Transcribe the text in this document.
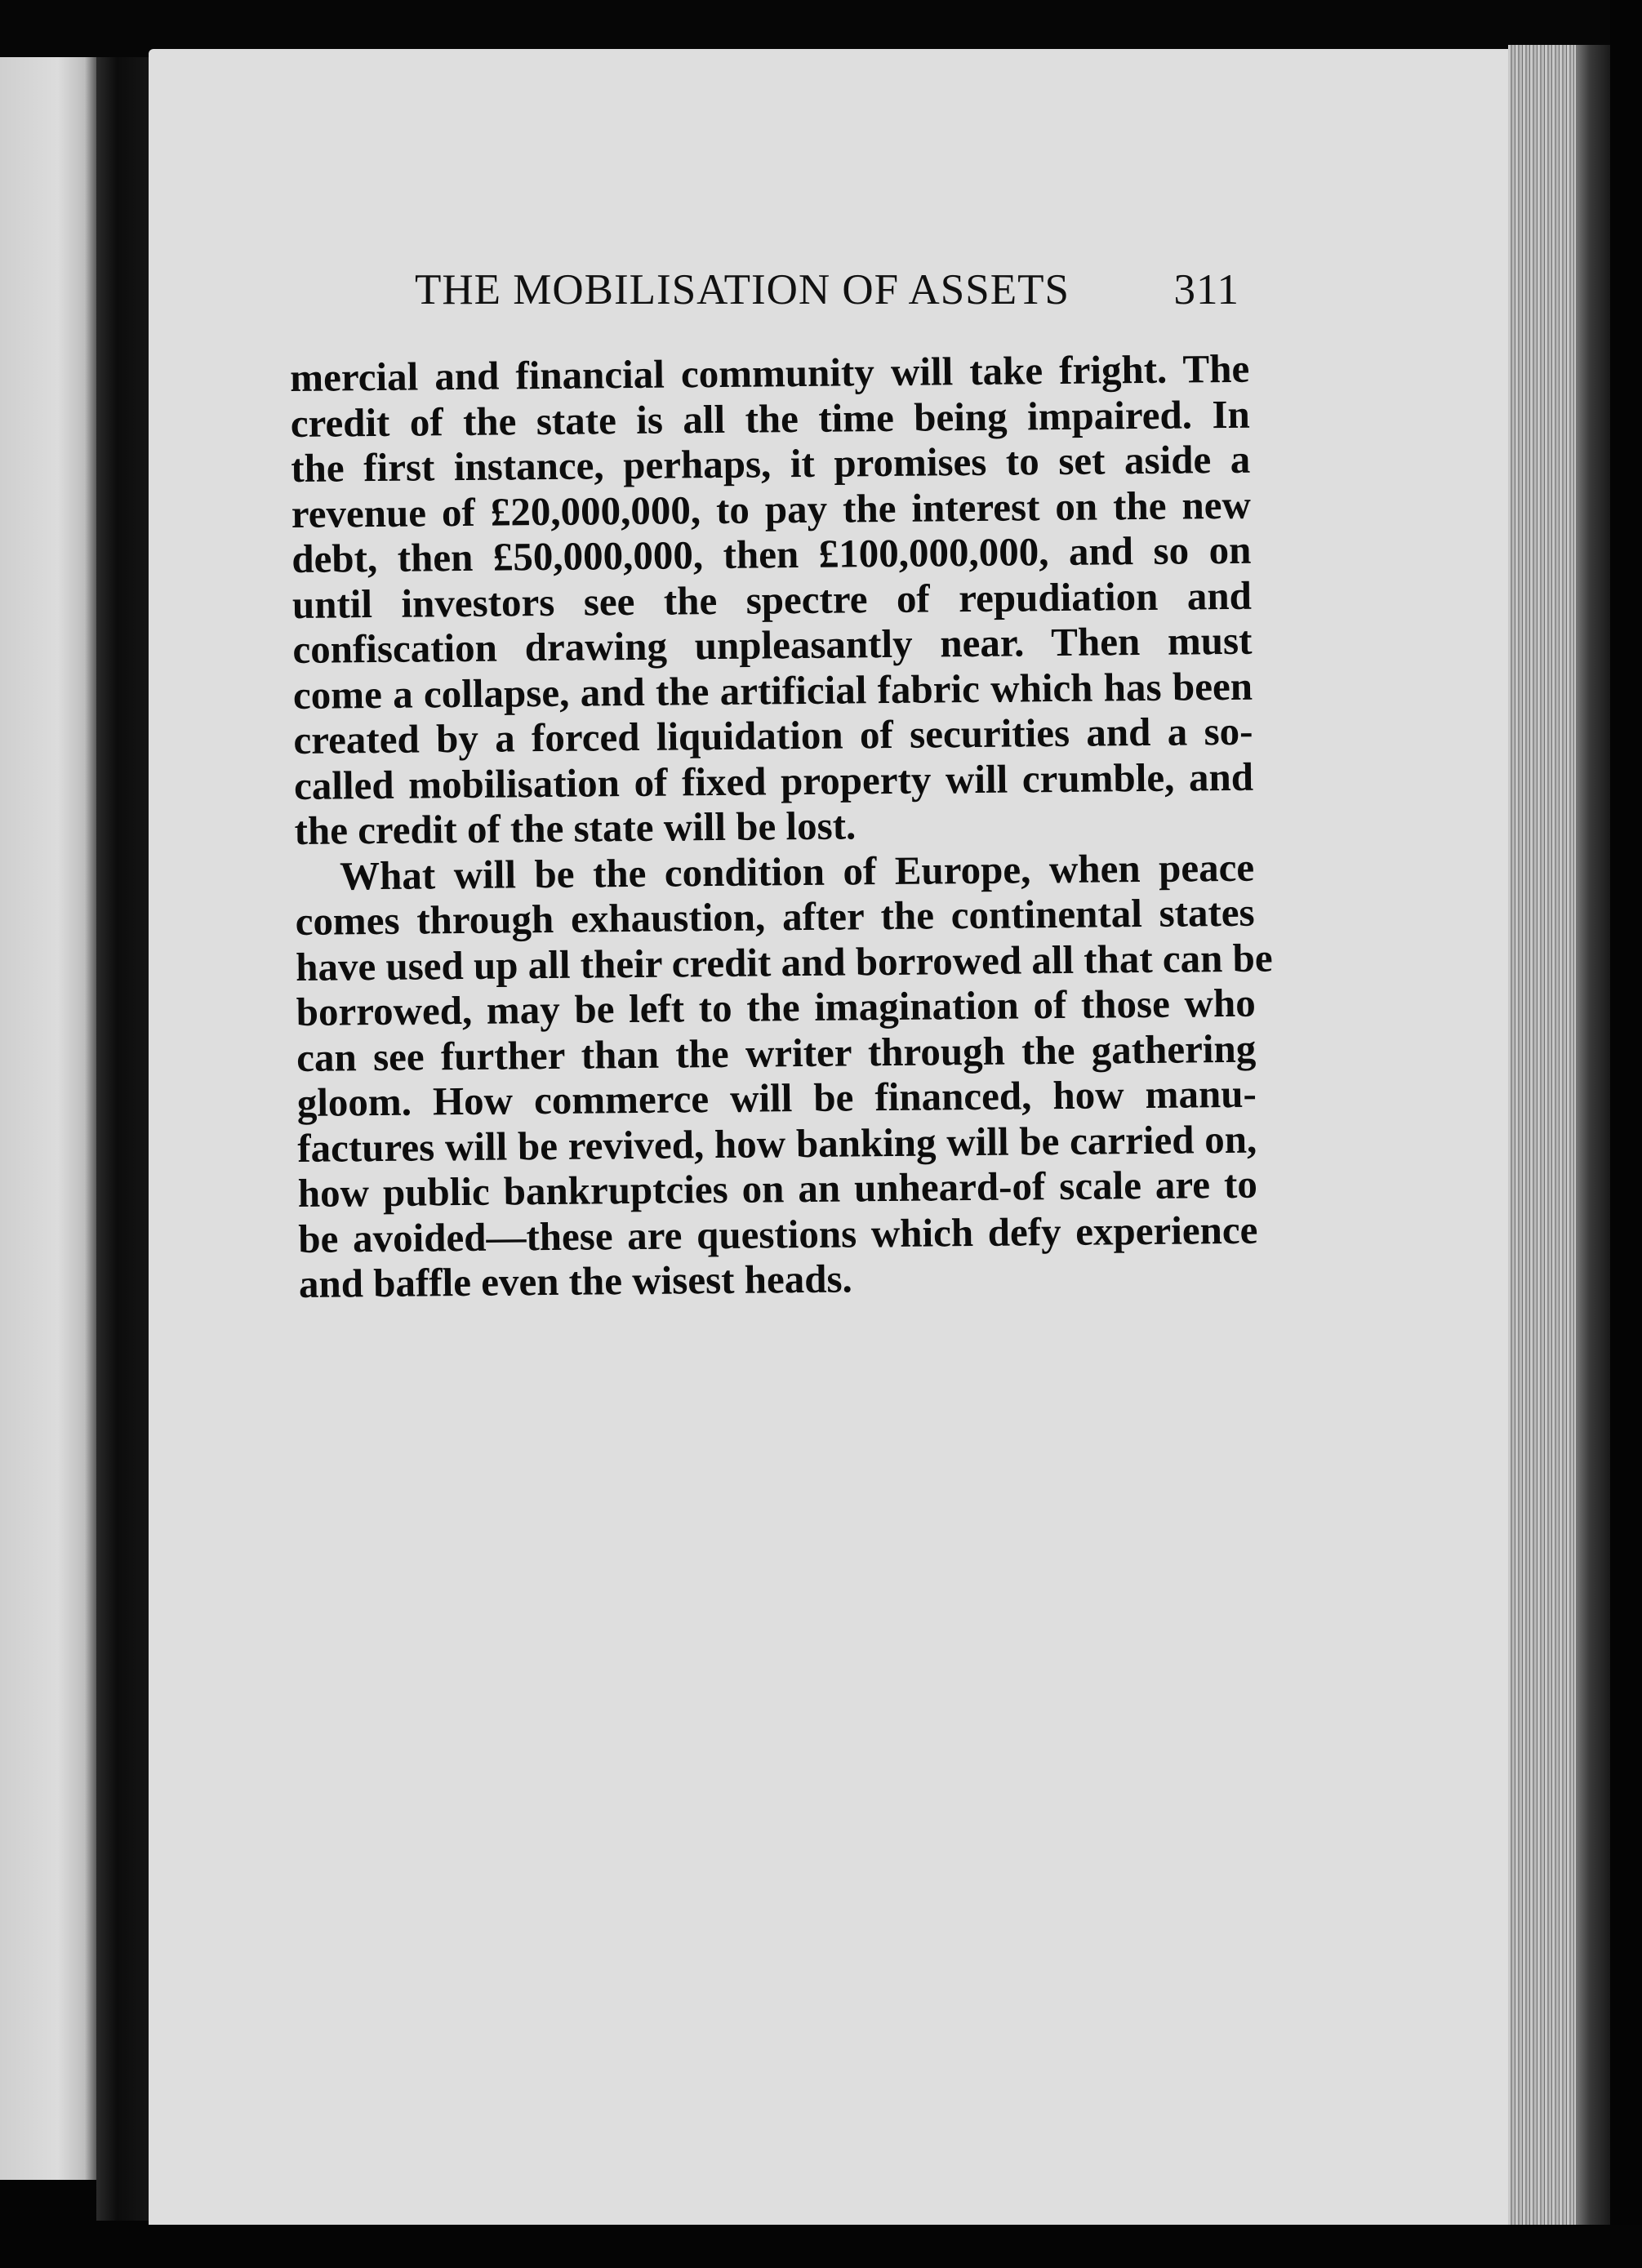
THE MOBILISATION OF ASSETS 311
mercial and financial community will take fright. The
credit of the state is all the time being impaired. In
the first instance, perhaps, it promises to set aside a
revenue of £20,000,000, to pay the interest on the new
debt, then £50,000,000, then £100,000,000, and so on
until investors see the spectre of repudiation and
confiscation drawing unpleasantly near. Then must
come a collapse, and the artificial fabric which has been
created by a forced liquidation of securities and a so-
called mobilisation of fixed property will crumble, and
the credit of the state will be lost.
What will be the condition of Europe, when peace
comes through exhaustion, after the continental states
have used up all their credit and borrowed all that can be
borrowed, may be left to the imagination of those who
can see further than the writer through the gathering
gloom. How commerce will be financed, how manu-
factures will be revived, how banking will be carried on,
how public bankruptcies on an unheard-of scale are to
be avoided—these are questions which defy experience
and baffle even the wisest heads.
